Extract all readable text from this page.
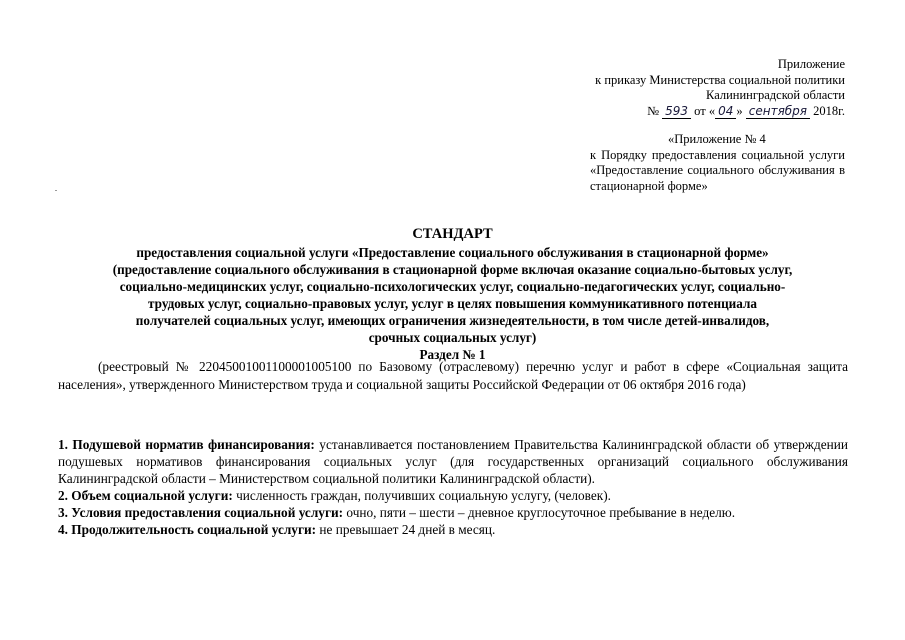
Приложение
к приказу Министерства социальной политики
Калининградской области
№ 593 от « 04 » сентября 2018г.
«Приложение № 4
к Порядку предоставления социальной услуги «Предоставление социального обслуживания в стационарной форме»
СТАНДАРТ
предоставления социальной услуги «Предоставление социального обслуживания в стационарной форме»
(предоставление социального обслуживания в стационарной форме включая оказание социально-бытовых услуг,
социально-медицинских услуг, социально-психологических услуг, социально-педагогических услуг, социально-
трудовых услуг, социально-правовых услуг, услуг в целях повышения коммуникативного потенциала
получателей социальных услуг, имеющих ограничения жизнедеятельности, в том числе детей-инвалидов,
срочных социальных услуг)
Раздел № 1
(реестровый № 22045001001100001005100 по Базовому (отраслевому) перечню услуг и работ в сфере «Социальная защита населения», утвержденного Министерством труда и социальной защиты Российской Федерации от 06 октября 2016 года)

1. Подушевой норматив финансирования: устанавливается постановлением Правительства Калининградской области об утверждении подушевых нормативов финансирования социальных услуг (для государственных организаций социального обслуживания Калининградской области – Министерством социальной политики Калининградской области).

2. Объем социальной услуги: численность граждан, получивших социальную услугу, (человек).

3. Условия предоставления социальной услуги: очно, пяти – шести – дневное круглосуточное пребывание в неделю.

4. Продолжительность социальной услуги: не превышает 24 дней в месяц.
